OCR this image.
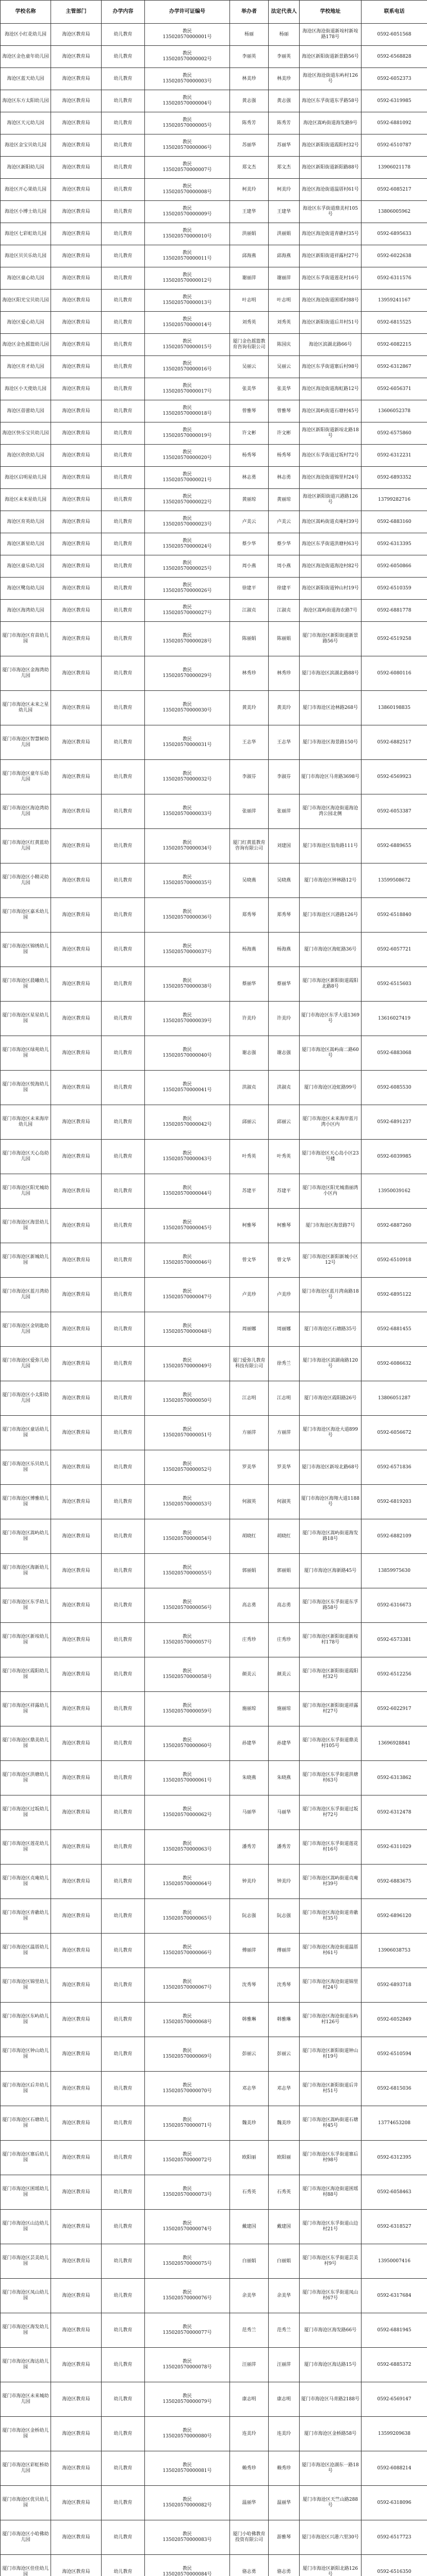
学校名称	主管部门	办学内容	办学许可证编号	举办者	法定代表人	学校地址	联系电话
海沧区小红花幼儿园	海沧区教育局	幼儿教育	教民135020570000001号	杨丽	杨丽	海沧区海沧街道新垵村新垵路178号	0592-6051568
海沧区金色童年幼儿园	海沧区教育局	幼儿教育	教民135020570000002号	李丽英	李丽英	海沧区新阳街道新景路56号	0592-6568828
海沧区蓝天幼儿园	海沧区教育局	幼儿教育	教民135020570000003号	林美珍	林美珍	海沧区海沧街道东屿村126号	0592-6052373
海沧区东方太阳幼儿园	海沧区教育局	幼儿教育	教民135020570000004号	黄志强	黄志强	海沧区东孚街道东孚路58号	0592-6319985
海沧区天元幼儿园	海沧区教育局	幼儿教育	教民135020570000005号	陈秀芳	陈秀芳	海沧区嵩屿街道海发路9号	0592-6881092
海沧区金宝贝幼儿园	海沧区教育局	幼儿教育	教民135020570000006号	苏丽华	苏丽华	海沧区新阳街道霞阳村32号	0592-6510787
海沧区新阳幼儿园	海沧区教育局	幼儿教育	教民135020570000007号	郑文杰	郑文杰	海沧区新阳街道新阳路88号	13906021178
海沧区开心果幼儿园	海沧区教育局	幼儿教育	教民135020570000008号	柯美玲	柯美玲	海沧区海沧街道温厝村61号	0592-6085217
海沧区小博士幼儿园	海沧区教育局	幼儿教育	教民135020570000009号	王建华	王建华	海沧区东孚街道鼎美村105号	13806005962
海沧区七彩虹幼儿园	海沧区教育局	幼儿教育	教民135020570000010号	洪丽娟	洪丽娟	海沧区海沧街道青礁村35号	0592-6895633
海沧区贝贝乐幼儿园	海沧区教育局	幼儿教育	教民135020570000011号	邱海燕	邱海燕	海沧区新阳街道祥露村27号	0592-6022638
海沧区童心幼儿园	海沧区教育局	幼儿教育	教民135020570000012号	谢丽萍	谢丽萍	海沧区东孚街道莲花村16号	0592-6311576
海沧区阳光宝贝幼儿园	海沧区教育局	幼儿教育	教民135020570000013号	叶志明	叶志明	海沧区海沧街道囷瑶村88号	13959241167
海沧区爱心幼儿园	海沧区教育局	幼儿教育	教民135020570000014号	刘秀英	刘秀英	海沧区新阳街道后井村51号	0592-6815525
海沧区金色摇篮幼儿园	海沧区教育局	幼儿教育	教民135020570000015号	厦门金色摇篮教育咨询有限公司	陈国庆	海沧区滨湖北路66号	0592-6082215
海沧区育才幼儿园	海沧区教育局	幼儿教育	教民135020570000016号	吴丽云	吴丽云	海沧区东孚街道寨后村98号	0592-6312867
海沧区小天使幼儿园	海沧区教育局	幼儿教育	教民135020570000017号	张美华	张美华	海沧区海沧街道海虹路12号	0592-6056371
海沧区蓓蕾幼儿园	海沧区教育局	幼儿教育	教民135020570000018号	曾雅琴	曾雅琴	海沧区嵩屿街道石塘村45号	13606052378
海沧区快乐宝贝幼儿园	海沧区教育局	幼儿教育	教民135020570000019号	许文彬	许文彬	海沧区新阳街道新垵北路18号	0592-6575860
海沧区欣欣幼儿园	海沧区教育局	幼儿教育	教民135020570000020号	杨秀琴	杨秀琴	海沧区东孚街道过坂村72号	0592-6312231
海沧区启明星幼儿园	海沧区教育局	幼儿教育	教民135020570000021号	林志勇	林志勇	海沧区海沧街道锦里村24号	0592-6893352
海沧区未来星幼儿园	海沧区教育局	幼儿教育	教民135020570000022号	黄丽琼	黄丽琼	海沧区新阳街道兴港路126号	13799282716
海沧区育英幼儿园	海沧区教育局	幼儿教育	教民135020570000023号	卢美云	卢美云	海沧区嵩屿街道贞庵村39号	0592-6883160
海沧区新星幼儿园	海沧区教育局	幼儿教育	教民135020570000024号	蔡少华	蔡少华	海沧区东孚街道洪塘村63号	0592-6313395
海沧区童乐幼儿园	海沧区教育局	幼儿教育	教民135020570000025号	周小燕	周小燕	海沧区海沧街道海沧村82号	0592-6050866
海沧区鹭岛幼儿园	海沧区教育局	幼儿教育	教民135020570000026号	徐建平	徐建平	海沧区新阳街道钟山村19号	0592-6510359
海沧区海湾幼儿园	海沧区教育局	幼儿教育	教民135020570000027号	江淑贞	江淑贞	海沧区嵩屿街道海农路7号	0592-6881778
厦门市海沧区育苗幼儿园	海沧区教育局	幼儿教育	教民135020570000028号	陈丽娟	陈丽娟	厦门市海沧区新阳街道新景路56号	0592-6519258
厦门市海沧区金海湾幼儿园	海沧区教育局	幼儿教育	教民135020570000029号	林秀珍	林秀珍	厦门市海沧区滨湖北路88号	0592-6080116
厦门市海沧区未来之星幼儿园	海沧区教育局	幼儿教育	教民135020570000030号	黄美玲	黄美玲	厦门市海沧区沧林路268号	13860198835
厦门市海沧区智慧树幼儿园	海沧区教育局	幼儿教育	教民135020570000031号	王志华	王志华	厦门市海沧区海景路150号	0592-6882517
厦门市海沧区童年乐幼儿园	海沧区教育局	幼儿教育	教民135020570000032号	李淑芬	李淑芬	厦门市海沧区马青路3698号	0592-6569923
厦门市海沧区海沧湾幼儿园	海沧区教育局	幼儿教育	教民135020570000033号	张丽萍	张丽萍	厦门市海沧区海沧街道海沧湾公园北侧	0592-6053387
厦门市海沧区红黄蓝幼儿园	海沧区教育局	幼儿教育	教民135020570000034号	厦门红黄蓝教育咨询有限公司	刘建国	厦门市海沧区翁角路111号	0592-6889655
厦门市海沧区小精灵幼儿园	海沧区教育局	幼儿教育	教民135020570000035号	吴晓燕	吴晓燕	厦门市海沧区钟林路12号	13599508672
厦门市海沧区嘉禾幼儿园	海沧区教育局	幼儿教育	教民135020570000036号	郑秀琴	郑秀琴	厦门市海沧区兴港路126号	0592-6518840
厦门市海沧区锦绣幼儿园	海沧区教育局	幼儿教育	教民135020570000037号	杨海燕	杨海燕	厦门市海沧区海虹路36号	0592-6057721
厦门市海沧区晨曦幼儿园	海沧区教育局	幼儿教育	教民135020570000038号	蔡丽华	蔡丽华	厦门市海沧区新阳街道霞阳北路8号	0592-6515603
厦门市海沧区星星幼儿园	海沧区教育局	幼儿教育	教民135020570000039号	许美玲	许美玲	厦门市海沧区东孚大道1369号	13616027419
厦门市海沧区绿苑幼儿园	海沧区教育局	幼儿教育	教民135020570000040号	谢志强	谢志强	厦门市海沧区嵩屿南二路60号	0592-6883068
厦门市海沧区悦海幼儿园	海沧区教育局	幼儿教育	教民135020570000041号	洪淑贞	洪淑贞	厦门市海沧区沧虹路99号	0592-6085530
厦门市海沧区未来海岸幼儿园	海沧区教育局	幼儿教育	教民135020570000042号	邱丽云	邱丽云	厦门市海沧区未来海岸蓝月湾小区内	0592-6891237
厦门市海沧区天心岛幼儿园	海沧区教育局	幼儿教育	教民135020570000043号	叶秀英	叶秀英	厦门市海沧区天心岛小区23号楼	0592-6039985
厦门市海沧区阳光城幼儿园	海沧区教育局	幼儿教育	教民135020570000044号	苏建平	苏建平	厦门市海沧区阳光城翡丽湾小区内	13950039162
厦门市海沧区海景幼儿园	海沧区教育局	幼儿教育	教民135020570000045号	柯雅琴	柯雅琴	厦门市海沧区海景路7号	0592-6887260
厦门市海沧区新城幼儿园	海沧区教育局	幼儿教育	教民135020570000046号	曾文华	曾文华	厦门市海沧区新阳新城小区12号	0592-6510918
厦门市海沧区蓝月湾幼儿园	海沧区教育局	幼儿教育	教民135020570000047号	卢美珍	卢美珍	厦门市海沧区蓝月湾南路18号	0592-6895122
厦门市海沧区金钥匙幼儿园	海沧区教育局	幼儿教育	教民135020570000048号	周丽娜	周丽娜	厦门市海沧区石塘路35号	0592-6881455
厦门市海沧区爱弥儿幼儿园	海沧区教育局	幼儿教育	教民135020570000049号	厦门爱弥儿教育科技有限公司	徐秀兰	厦门市海沧区滨湖南路120号	0592-6086632
厦门市海沧区小太阳幼儿园	海沧区教育局	幼儿教育	教民135020570000050号	江志明	江志明	厦门市海沧区霞阳路26号	13806051287
厦门市海沧区童话幼儿园	海沧区教育局	幼儿教育	教民135020570000051号	方丽萍	方丽萍	厦门市海沧区海沧大道899号	0592-6056672
厦门市海沧区乐贝幼儿园	海沧区教育局	幼儿教育	教民135020570000052号	罗美华	罗美华	厦门市海沧区新垵北路68号	0592-6571836
厦门市海沧区博雅幼儿园	海沧区教育局	幼儿教育	教民135020570000053号	何淑英	何淑英	厦门市海沧区海翔大道1188号	0592-6819203
厦门市海沧区嵩屿幼儿园	海沧区教育局	幼儿教育	教民135020570000054号	胡晓红	胡晓红	厦门市海沧区嵩屿街道海发路18号	0592-6882109
厦门市海沧区海新幼儿园	海沧区教育局	幼儿教育	教民135020570000055号	郭丽娟	郭丽娟	厦门市海沧区海新路45号	13859975630
厦门市海沧区东孚幼儿园	海沧区教育局	幼儿教育	教民135020570000056号	高志勇	高志勇	厦门市海沧区东孚街道东孚路58号	0592-6316673
厦门市海沧区新垵幼儿园	海沧区教育局	幼儿教育	教民135020570000057号	庄秀珍	庄秀珍	厦门市海沧区新阳街道新垵村178号	0592-6573381
厦门市海沧区霞阳幼儿园	海沧区教育局	幼儿教育	教民135020570000058号	颜美云	颜美云	厦门市海沧区新阳街道霞阳村32号	0592-6512256
厦门市海沧区祥露幼儿园	海沧区教育局	幼儿教育	教民135020570000059号	施丽琼	施丽琼	厦门市海沧区新阳街道祥露村27号	0592-6022917
厦门市海沧区鼎美幼儿园	海沧区教育局	幼儿教育	教民135020570000060号	孙建华	孙建华	厦门市海沧区东孚街道鼎美村105号	13696928841
厦门市海沧区洪塘幼儿园	海沧区教育局	幼儿教育	教民135020570000061号	朱晓燕	朱晓燕	厦门市海沧区东孚街道洪塘村63号	0592-6313862
厦门市海沧区过坂幼儿园	海沧区教育局	幼儿教育	教民135020570000062号	马丽华	马丽华	厦门市海沧区东孚街道过坂村72号	0592-6312478
厦门市海沧区莲花幼儿园	海沧区教育局	幼儿教育	教民135020570000063号	潘秀芳	潘秀芳	厦门市海沧区东孚街道莲花村16号	0592-6311029
厦门市海沧区贞庵幼儿园	海沧区教育局	幼儿教育	教民135020570000064号	钟美玲	钟美玲	厦门市海沧区嵩屿街道贞庵村39号	0592-6883675
厦门市海沧区青礁幼儿园	海沧区教育局	幼儿教育	教民135020570000065号	阮志强	阮志强	厦门市海沧区海沧街道青礁村35号	0592-6896120
厦门市海沧区温厝幼儿园	海沧区教育局	幼儿教育	教民135020570000066号	傅丽萍	傅丽萍	厦门市海沧区海沧街道温厝村61号	13906038753
厦门市海沧区锦里幼儿园	海沧区教育局	幼儿教育	教民135020570000067号	沈秀琴	沈秀琴	厦门市海沧区海沧街道锦里村24号	0592-6893718
厦门市海沧区东屿幼儿园	海沧区教育局	幼儿教育	教民135020570000068号	韩雅琳	韩雅琳	厦门市海沧区海沧街道东屿村126号	0592-6052849
厦门市海沧区钟山幼儿园	海沧区教育局	幼儿教育	教民135020570000069号	彭丽云	彭丽云	厦门市海沧区新阳街道钟山村19号	0592-6510594
厦门市海沧区后井幼儿园	海沧区教育局	幼儿教育	教民135020570000070号	邓志华	邓志华	厦门市海沧区新阳街道后井村51号	0592-6815036
厦门市海沧区石塘幼儿园	海沧区教育局	幼儿教育	教民135020570000071号	魏美珍	魏美珍	厦门市海沧区嵩屿街道石塘村45号	13774653208
厦门市海沧区寨后幼儿园	海沧区教育局	幼儿教育	教民135020570000072号	欧阳丽	欧阳丽	厦门市海沧区东孚街道寨后村98号	0592-6312395
厦门市海沧区囷瑶幼儿园	海沧区教育局	幼儿教育	教民135020570000073号	石秀英	石秀英	厦门市海沧区海沧街道囷瑶村88号	0592-6058463
厦门市海沧区山边幼儿园	海沧区教育局	幼儿教育	教民135020570000074号	戴建国	戴建国	厦门市海沧区东孚街道山边村21号	0592-6318527
厦门市海沧区芸美幼儿园	海沧区教育局	幼儿教育	教民135020570000075号	白丽娟	白丽娟	厦门市海沧区东孚街道芸美村9号	13950007416
厦门市海沧区凤山幼儿园	海沧区教育局	幼儿教育	教民135020570000076号	余美华	余美华	厦门市海沧区东孚街道凤山村67号	0592-6317684
厦门市海沧区海发幼儿园	海沧区教育局	幼儿教育	教民135020570000077号	范秀兰	范秀兰	厦门市海沧区海发路66号	0592-6881945
厦门市海沧区海达幼儿园	海沧区教育局	幼儿教育	教民135020570000078号	汪丽萍	汪丽萍	厦门市海沧区海达路15号	0592-6885372
厦门市海沧区未来城幼儿园	海沧区教育局	幼儿教育	教民135020570000079号	康志明	康志明	厦门市海沧区马青路2188号	0592-6569147
厦门市海沧区金桥幼儿园	海沧区教育局	幼儿教育	教民135020570000080号	连美玲	连美玲	厦门市海沧区金桥路58号	13599209638
厦门市海沧区彩虹桥幼儿园	海沧区教育局	幼儿教育	教民135020570000081号	赖秀珍	赖秀珍	厦门市海沧区沧湖东一路18号	0592-6088214
厦门市海沧区优贝幼儿园	海沧区教育局	幼儿教育	教民135020570000082号	温丽华	温丽华	厦门市海沧区天竺山路288号	0592-6318096
厦门市海沧区小哈佛幼儿园	海沧区教育局	幼儿教育	教民135020570000083号	厦门小哈佛教育投资有限公司	游雅琴	厦门市海沧区兴港六里30号	0592-6517723
厦门市海沧区佳佳幼儿园	海沧区教育局	幼儿教育	教民135020570000084号	骆志勇	骆志勇	厦门市海沧区新阳北路126号	0592-6516350
